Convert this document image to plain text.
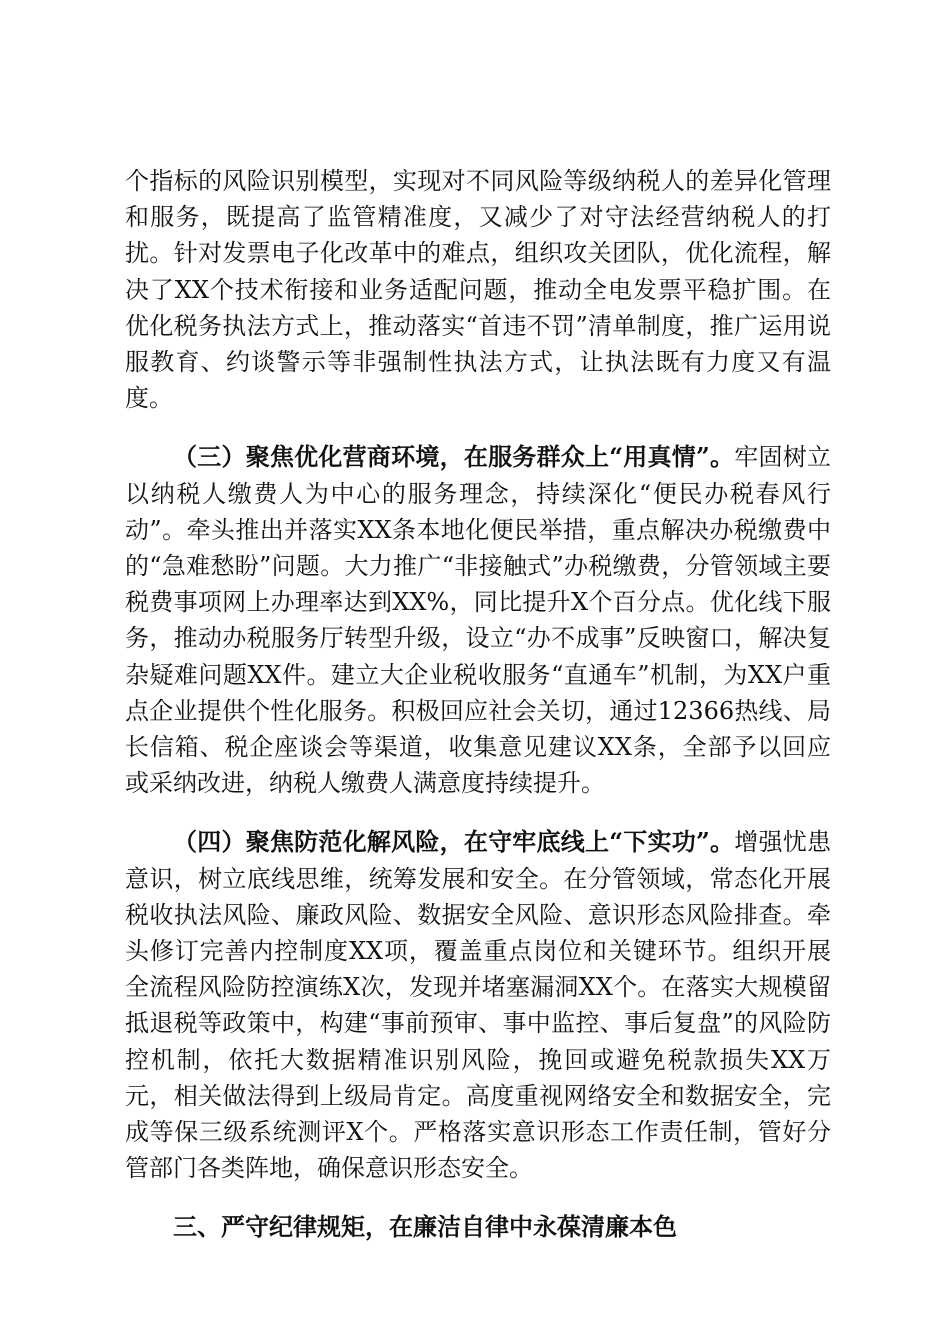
个指标的风险识别模型，实现对不同风险等级纳税人的差异化管理和服务，既提高了监管精准度，又减少了对守法经营纳税人的打扰。针对发票电子化改革中的难点，组织攻关团队，优化流程，解决了XX个技术衔接和业务适配问题，推动全电发票平稳扩围。在优化税务执法方式上，推动落实“首违不罚”清单制度，推广运用说服教育、约谈警示等非强制性执法方式，让执法既有力度又有温度。

（三）聚焦优化营商环境，在服务群众上“用真情”。牢固树立以纳税人缴费人为中心的服务理念，持续深化“便民办税春风行动”。牵头推出并落实XX条本地化便民举措，重点解决办税缴费中的“急难愁盼”问题。大力推广“非接触式”办税缴费，分管领域主要税费事项网上办理率达到XX%，同比提升X个百分点。优化线下服务，推动办税服务厅转型升级，设立“办不成事”反映窗口，解决复杂疑难问题XX件。建立大企业税收服务“直通车”机制，为XX户重点企业提供个性化服务。积极回应社会关切，通过12366热线、局长信箱、税企座谈会等渠道，收集意见建议XX条，全部予以回应或采纳改进，纳税人缴费人满意度持续提升。

（四）聚焦防范化解风险，在守牢底线上“下实功”。增强忧患意识，树立底线思维，统筹发展和安全。在分管领域，常态化开展税收执法风险、廉政风险、数据安全风险、意识形态风险排查。牵头修订完善内控制度XX项，覆盖重点岗位和关键环节。组织开展全流程风险防控演练X次，发现并堵塞漏洞XX个。在落实大规模留抵退税等政策中，构建“事前预审、事中监控、事后复盘”的风险防控机制，依托大数据精准识别风险，挽回或避免税款损失XX万元，相关做法得到上级局肯定。高度重视网络安全和数据安全，完成等保三级系统测评X个。严格落实意识形态工作责任制，管好分管部门各类阵地，确保意识形态安全。

三、严守纪律规矩，在廉洁自律中永葆清廉本色
